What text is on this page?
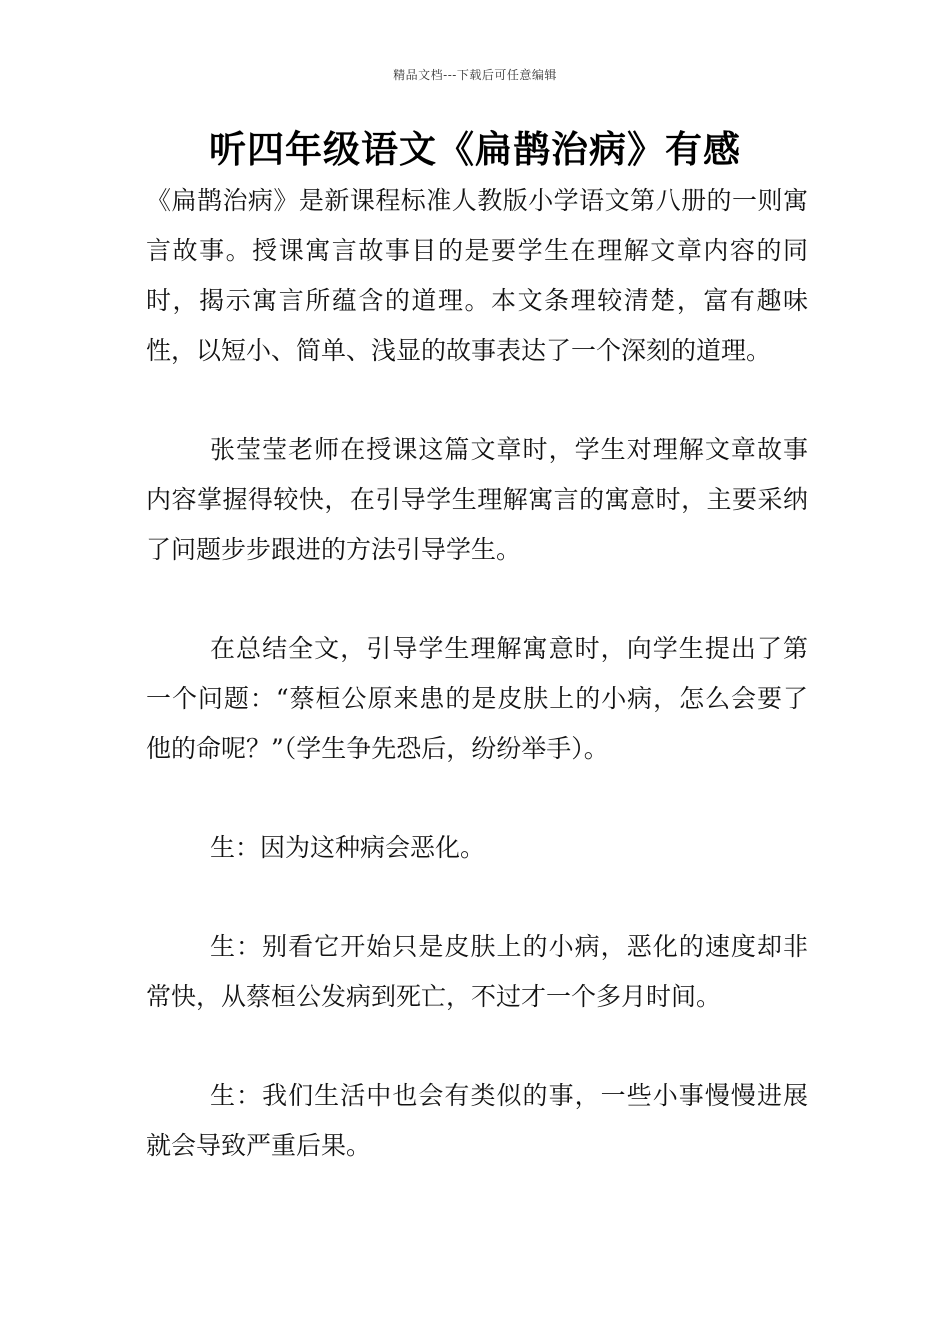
精品文档---下载后可任意编辑
听四年级语文《扁鹊治病》有感

《扁鹊治病》是新课程标准人教版小学语文第八册的一则寓言故事。授课寓言故事目的是要学生在理解文章内容的同时，揭示寓言所蕴含的道理。本文条理较清楚，富有趣味性，以短小、简单、浅显的故事表达了一个深刻的道理。

张莹莹老师在授课这篇文章时，学生对理解文章故事内容掌握得较快，在引导学生理解寓言的寓意时，主要采纳了问题步步跟进的方法引导学生。

在总结全文，引导学生理解寓意时，向学生提出了第一个问题：“蔡桓公原来患的是皮肤上的小病，怎么会要了他的命呢？”（学生争先恐后，纷纷举手）。

生：因为这种病会恶化。

生：别看它开始只是皮肤上的小病，恶化的速度却非常快，从蔡桓公发病到死亡，不过才一个多月时间。

生：我们生活中也会有类似的事，一些小事慢慢进展就会导致严重后果。
